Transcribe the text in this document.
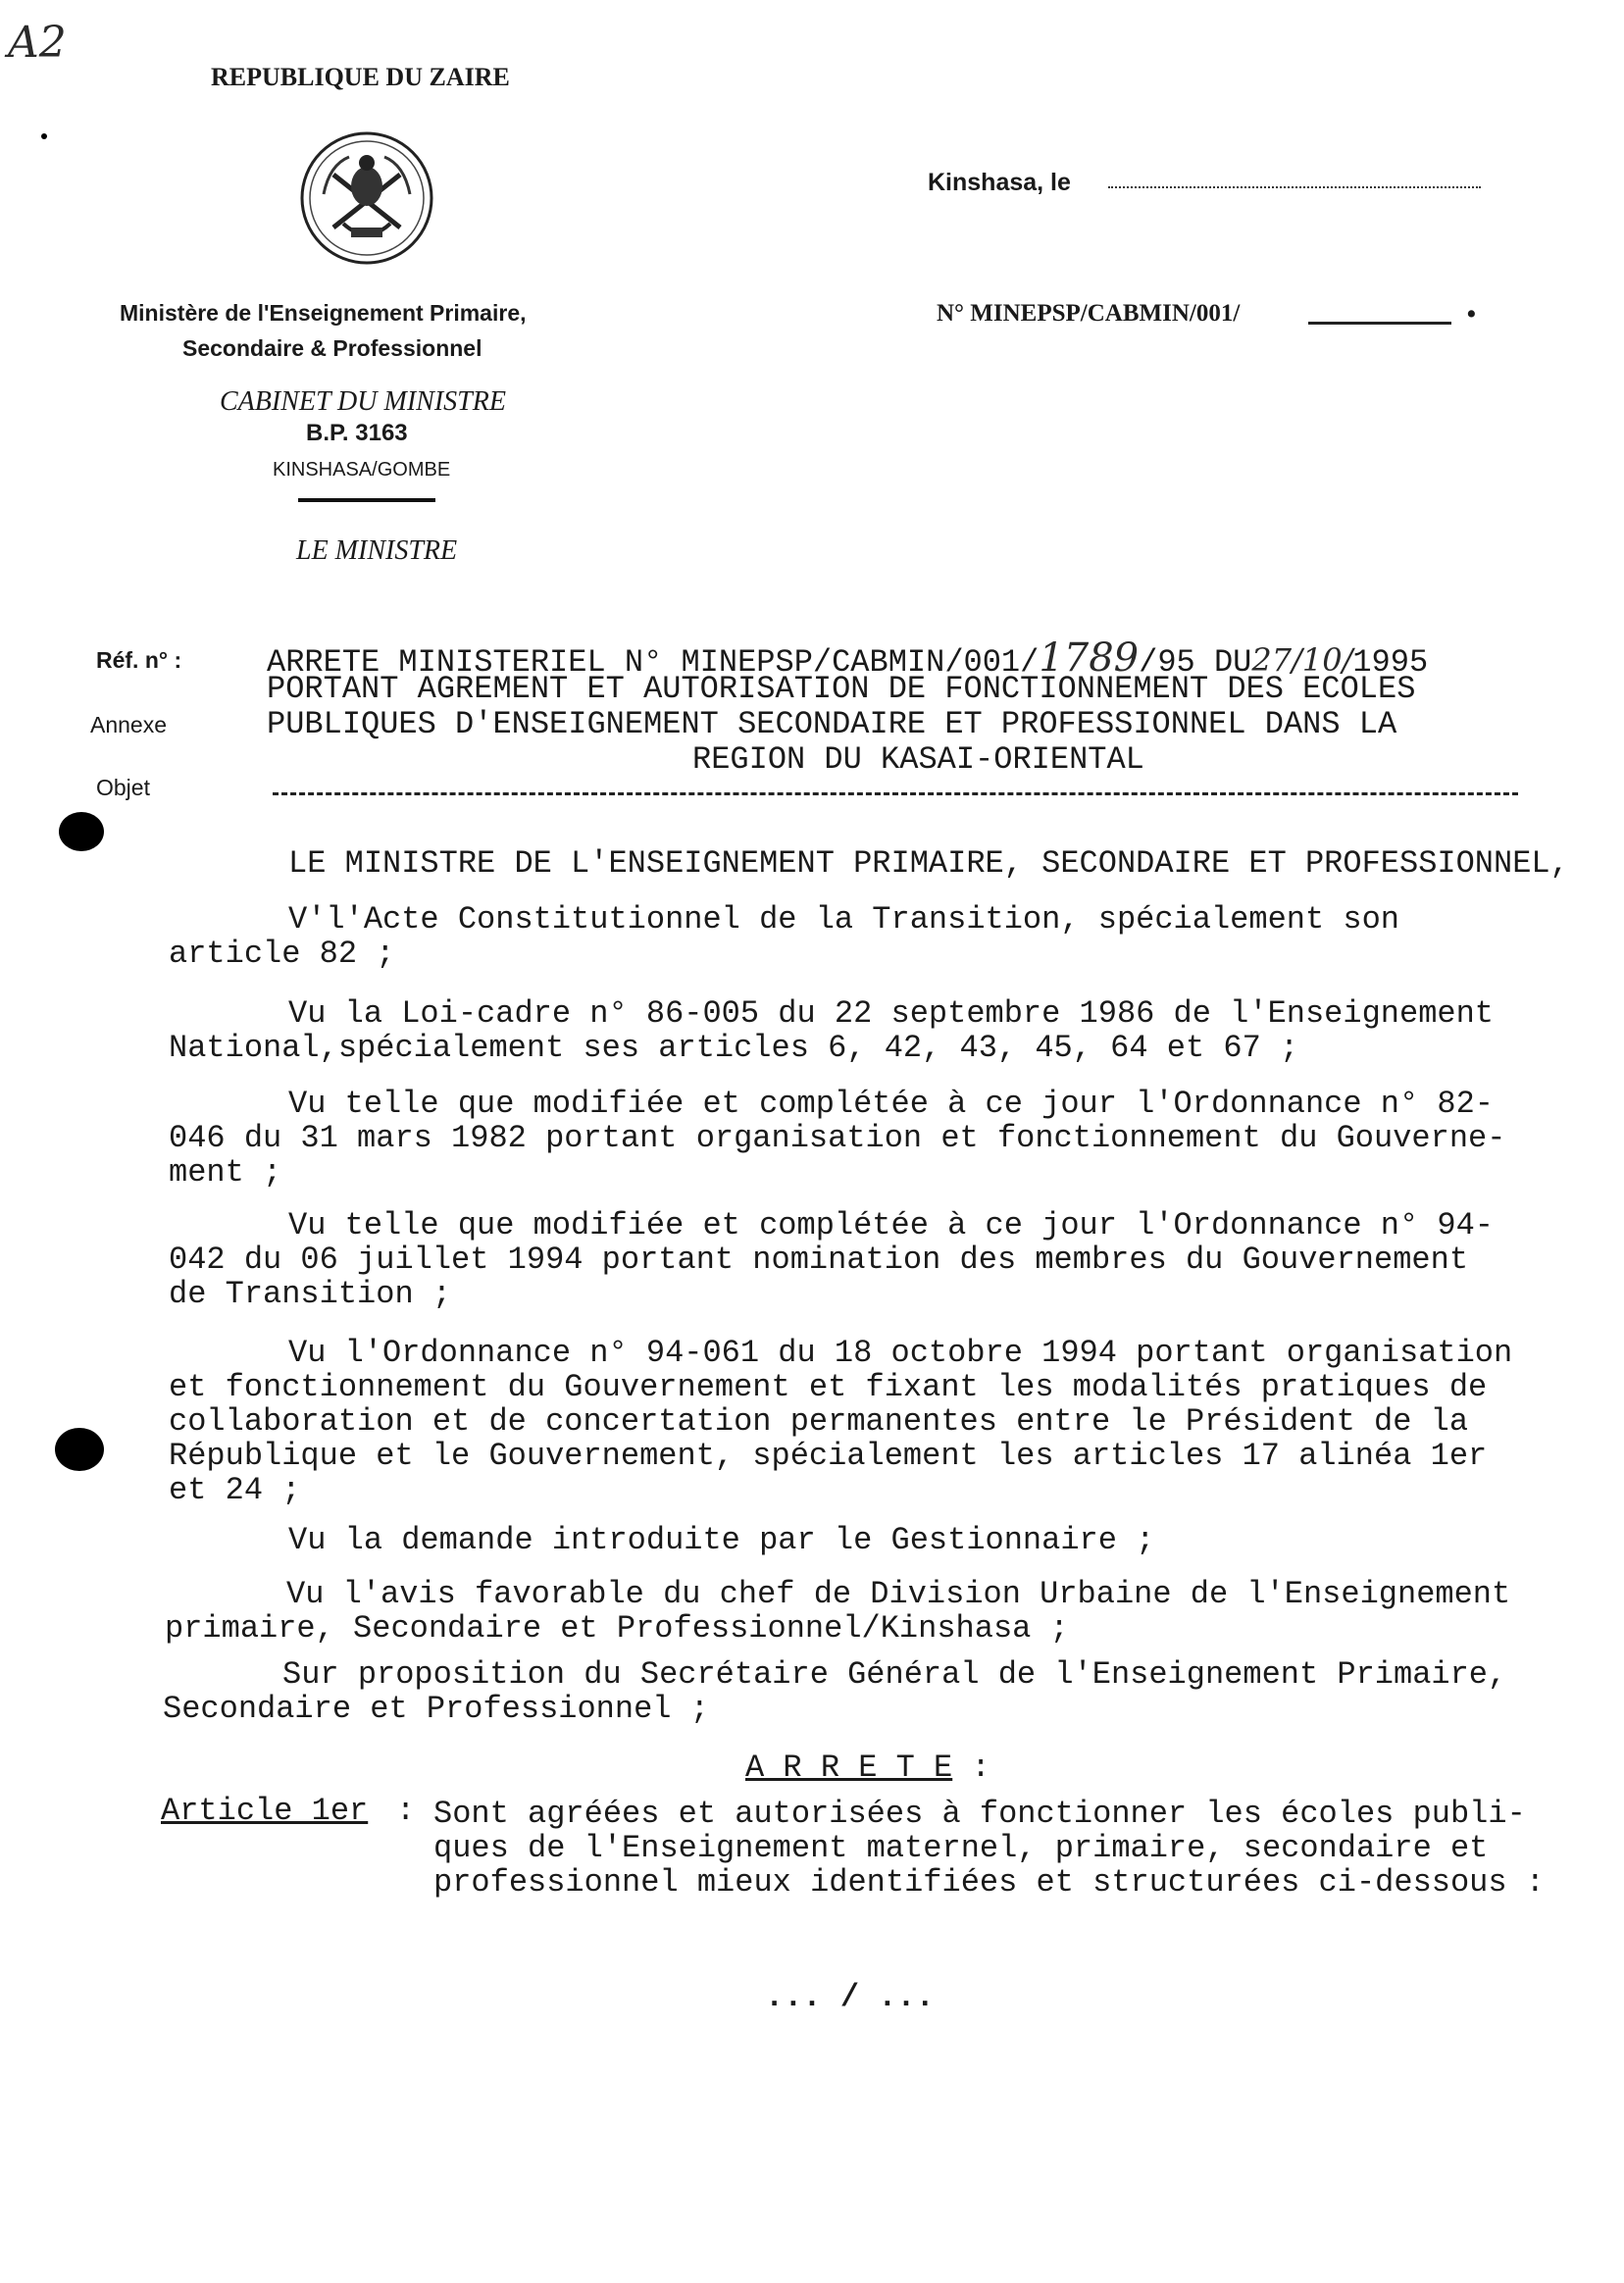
A2
REPUBLIQUE DU ZAIRE
Ministère de l'Enseignement Primaire,
Secondaire & Professionnel
CABINET DU MINISTRE
B.P. 3163
KINSHASA/GOMBE
LE MINISTRE
Kinshasa, le
N° MINEPSP/CABMIN/001/	•
Réf. n° :
Annexe
Objet
ARRETE MINISTERIEL N° MINEPSP/CABMIN/001/1789/95 DU27/10/1995
PORTANT AGREMENT ET AUTORISATION DE FONCTIONNEMENT DES ECOLES
PUBLIQUES D'ENSEIGNEMENT SECONDAIRE ET PROFESSIONNEL DANS LA
REGION DU KASAI-ORIENTAL
LE MINISTRE DE L'ENSEIGNEMENT PRIMAIRE, SECONDAIRE ET PROFESSIONNEL,
V'l'Acte Constitutionnel de la Transition, spécialement son
article 82 ;
Vu la Loi-cadre n° 86-005 du 22 septembre 1986 de l'Enseignement
National,spécialement ses articles 6, 42, 43, 45, 64 et 67 ;
Vu telle que modifiée et complétée à ce jour l'Ordonnance n° 82-
046 du 31 mars 1982 portant organisation et fonctionnement du Gouverne-
ment ;
Vu telle que modifiée et complétée à ce jour l'Ordonnance n° 94-
042 du 06 juillet 1994 portant nomination des membres du Gouvernement
de Transition ;
Vu l'Ordonnance n° 94-061 du 18 octobre 1994 portant organisation
et fonctionnement du Gouvernement et fixant les modalités pratiques de
collaboration et de concertation permanentes entre le Président de la
République et le Gouvernement, spécialement les articles 17 alinéa 1er
et 24 ;
Vu la demande introduite par le Gestionnaire ;
Vu l'avis favorable du chef de Division Urbaine de l'Enseignement
primaire, Secondaire et Professionnel/Kinshasa ;
Sur proposition du Secrétaire Général de l'Enseignement Primaire,
Secondaire et Professionnel ;
A R R E T E :
Article 1er : Sont agréées et autorisées à fonctionner les écoles publi-
ques de l'Enseignement maternel, primaire, secondaire et
professionnel mieux identifiées et structurées ci-dessous :
... / ...
